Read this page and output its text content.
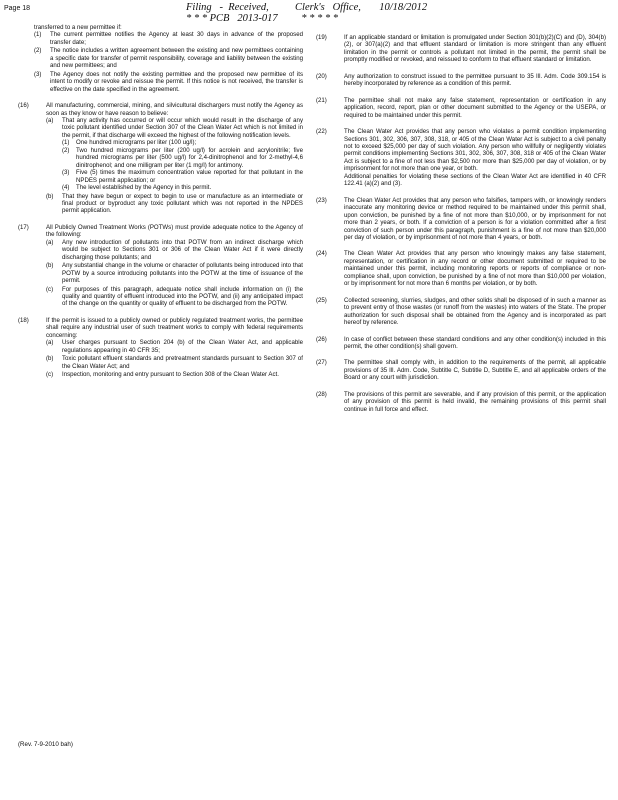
Page 18	Filing   -  Received,          Clerk's   Office,       10/18/2012
* * * PCB   2013-017         * * * * *
transferred to a new permittee if:
(1) The current permittee notifies the Agency at least 30 days in advance of the proposed transfer date;
(2) The notice includes a written agreement between the existing and new permittees containing a specific date for transfer of permit responsibility, coverage and liability between the existing and new permittees; and
(3) The Agency does not notify the existing permittee and the proposed new permittee of its intent to modify or revoke and reissue the permit. If this notice is not received, the transfer is effective on the date specified in the agreement.
(16)	All manufacturing, commercial, mining, and silvicultural dischargers must notify the Agency as soon as they know or have reason to believe:

(a) That any activity has occurred or will occur which would result in the discharge of any toxic pollutant identified under Section 307 of the Clean Water Act which is not limited in the permit, if that discharge will exceed the highest of the following notification levels.
(1) One hundred micrograms per liter (100 ug/l);
(2) Two hundred micrograms per liter (200 ug/l) for acrolein and acrylonitrile; five hundred micrograms per liter (500 ug/l) for 2,4-dinitrophenol and for 2-methyl-4,6 dinitrophenol; and one milligram per liter (1 mg/l) for antimony.
(3) Five (5) times the maximum concentration value reported for that pollutant in the NPDES permit application; or
(4) The level established by the Agency in this permit.
(b) That they have begun or expect to begin to use or manufacture as an intermediate or final product or byproduct any toxic pollutant which was not reported in the NPDES permit application.
(17)	All Publicly Owned Treatment Works (POTWs) must provide adequate notice to the Agency of the following:

(a) Any new introduction of pollutants into that POTW from an indirect discharge which would be subject to Sections 301 or 306 of the Clean Water Act if it were directly discharging those pollutants; and
(b) Any substantial change in the volume or character of pollutants being introduced into that POTW by a source introducing pollutants into the POTW at the time of issuance of the permit.
(c) For purposes of this paragraph, adequate notice shall include information on (i) the quality and quantity of effluent introduced into the POTW, and (ii) any anticipated impact of the change on the quantity or quality of effluent to be discharged from the POTW.
(18)	If the permit is issued to a publicly owned or publicly regulated treatment works, the permittee shall require any industrial user of such treatment works to comply with federal requirements concerning:

(a) User charges pursuant to Section 204 (b) of the Clean Water Act, and applicable regulations appearing in 40 CFR 35;
(b) Toxic pollutant effluent standards and pretreatment standards pursuant to Section 307 of the Clean Water Act; and
(c) Inspection, monitoring and entry pursuant to Section 308 of the Clean Water Act.
(Rev. 7-9-2010 bah)
(19)	If an applicable standard or limitation is promulgated under Section 301(b)(2)(C) and (D), 304(b)(2), or 307(a)(2) and that effluent standard or limitation is more stringent than any effluent limitation in the permit or controls a pollutant not limited in the permit, the permit shall be promptly modified or revoked, and reissued to conform to that effluent standard or limitation.

(20)	Any authorization to construct issued to the permittee pursuant to 35 Ill. Adm. Code 309.154 is hereby incorporated by reference as a condition of this permit.

(21)	The permittee shall not make any false statement, representation or certification in any application, record, report, plan or other document submitted to the Agency or the USEPA, or required to be maintained under this permit.

(22)	The Clean Water Act provides that any person who violates a permit condition implementing Sections 301, 302, 306, 307, 308, 318, or 405 of the Clean Water Act is subject to a civil penalty not to exceed $25,000 per day of such violation. Any person who willfully or negligently violates permit conditions implementing Sections 301, 302, 306, 307, 308, 318 or 405 of the Clean Water Act is subject to a fine of not less than $2,500 nor more than $25,000 per day of violation, or by imprisonment for not more than one year, or both.

Additional penalties for violating these sections of the Clean Water Act are identified in 40 CFR 122.41 (a)(2) and (3).

(23)	The Clean Water Act provides that any person who falsifies, tampers with, or knowingly renders inaccurate any monitoring device or method required to be maintained under this permit shall, upon conviction, be punished by a fine of not more than $10,000, or by imprisonment for not more than 2 years, or both. If a conviction of a person is for a violation committed after a first conviction of such person under this paragraph, punishment is a fine of not more than $20,000 per day of violation, or by imprisonment of not more than 4 years, or both.

(24)	The Clean Water Act provides that any person who knowingly makes any false statement, representation, or certification in any record or other document submitted or required to be maintained under this permit, including monitoring reports or reports of compliance or non-compliance shall, upon conviction, be punished by a fine of not more than $10,000 per violation, or by imprisonment for not more than 6 months per violation, or by both.

(25)	Collected screening, slurries, sludges, and other solids shall be disposed of in such a manner as to prevent entry of those wastes (or runoff from the wastes) into waters of the State. The proper authorization for such disposal shall be obtained from the Agency and is incorporated as part hereof by reference.

(26)	In case of conflict between these standard conditions and any other condition(s) included in this permit, the other condition(s) shall govern.

(27)	The permittee shall comply with, in addition to the requirements of the permit, all applicable provisions of 35 Ill. Adm. Code, Subtitle C, Subtitle D, Subtitle E, and all applicable orders of the Board or any court with jurisdiction.

(28)	The provisions of this permit are severable, and if any provision of this permit, or the application of any provision of this permit is held invalid, the remaining provisions of this permit shall continue in full force and effect.
